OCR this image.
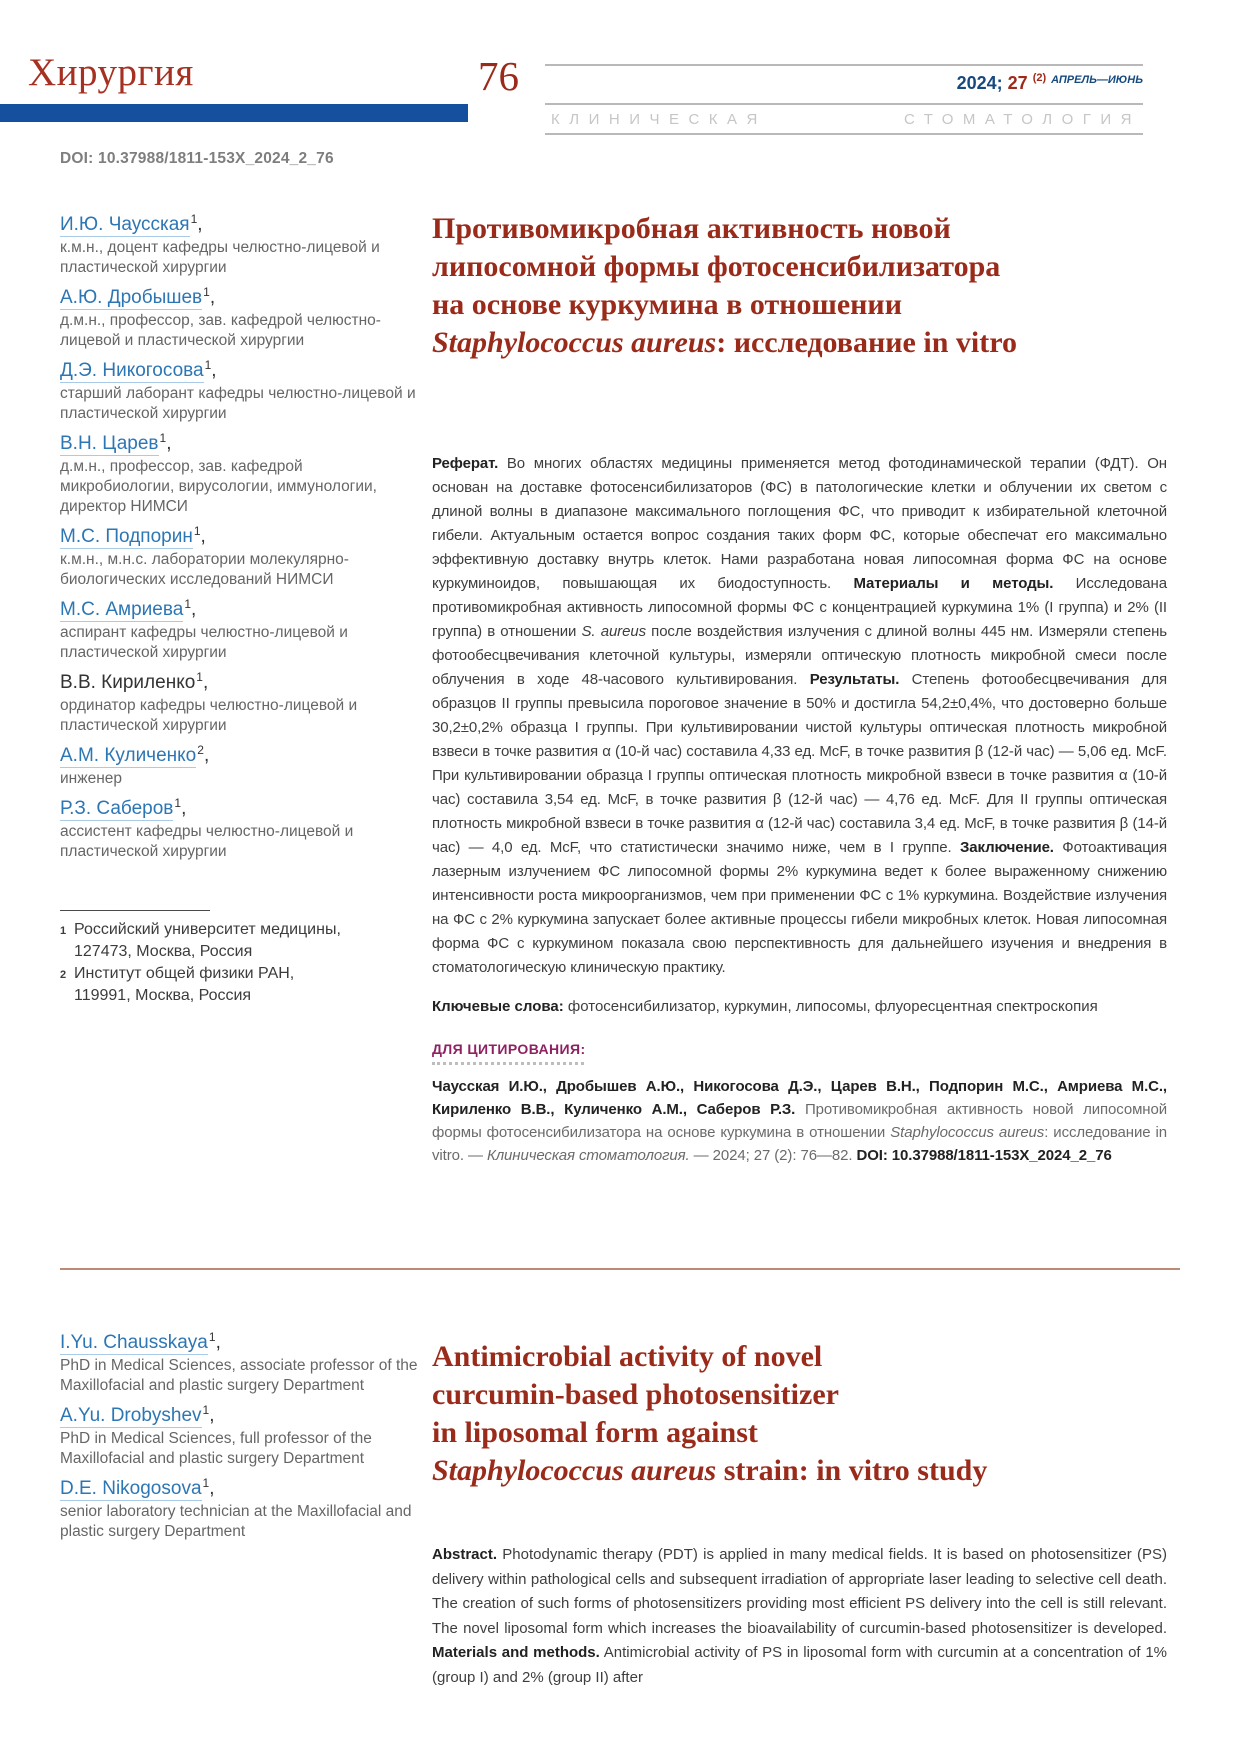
Хирургия	76	2024; 27 $^{(2)}$ $^{АПРЕЛЬ—ИЮНЬ}$
КЛИНИЧЕСКАЯ	СТОМАТОЛОГИЯ
DOI: 10.37988/1811-153X_2024_2_76
И.Ю. Чаусская$^1$,
к.м.н., доцент кафедры челюстно-лицевой и пластической хирургии
А.Ю. Дробышев$^1$,
д.м.н., профессор, зав. кафедрой челюстно-лицевой и пластической хирургии
Д.Э. Никогосова$^1$,
старший лаборант кафедры челюстно-лицевой и пластической хирургии
В.Н. Царев$^1$,
д.м.н., профессор, зав. кафедрой микробиологии, вирусологии, иммунологии, директор НИМСИ
М.С. Подпорин$^1$,
к.м.н., м.н.с. лаборатории молекулярно-биологических исследований НИМСИ
М.С. Амриева$^1$,
аспирант кафедры челюстно-лицевой и пластической хирургии
В.В. Кириленко$^1$,
ординатор кафедры челюстно-лицевой и пластической хирургии
А.М. Куличенко$^2$,
инженер
Р.З. Саберов$^1$,
ассистент кафедры челюстно-лицевой и пластической хирургии
1 Российский университет медицины,
127473, Москва, Россия
2 Институт общей физики РАН,
119991, Москва, Россия
Противомикробная активность новой
липосомной формы фотосенсибилизатора
на основе куркумина в отношении
Staphylococcus aureus: исследование in vitro

Реферат. Во многих областях медицины применяется метод фотодинамической терапии (ФДТ). Он основан на доставке фотосенсибилизаторов (ФС) в патологические клетки и облучении их светом с длиной волны в диапазоне максимального поглощения ФС, что приводит к избирательной клеточной гибели. Актуальным остается вопрос создания таких форм ФС, которые обеспечат его максимально эффективную доставку внутрь клеток. Нами разработана новая липосомная форма ФС на основе куркуминоидов, повышающая их биодоступность. Материалы и методы. Исследована противомикробная активность липосомной формы ФС с концентрацией куркумина 1% (I группа) и 2% (II группа) в отношении S. aureus после воздействия излучения с длиной волны 445 нм. Измеряли степень фотообесцвечивания клеточной культуры, измеряли оптическую плотность микробной смеси после облучения в ходе 48-часового культивирования. Результаты. Степень фотообесцвечивания для образцов II группы превысила пороговое значение в 50% и достигла 54,2±0,4%, что достоверно больше 30,2±0,2% образца I группы. При культивировании чистой культуры оптическая плотность микробной взвеси в точке развития α (10-й час) составила 4,33 ед. McF, в точке развития β (12-й час) — 5,06 ед. McF. При культивировании образца I группы оптическая плотность микробной взвеси в точке развития α (10-й час) составила 3,54 ед. McF, в точке развития β (12-й час) — 4,76 ед. McF. Для II группы оптическая плотность микробной взвеси в точке развития α (12-й час) составила 3,4 ед. McF, в точке развития β (14-й час) — 4,0 ед. McF, что статистически значимо ниже, чем в I группе. Заключение. Фотоактивация лазерным излучением ФС липосомной формы 2% куркумина ведет к более выраженному снижению интенсивности роста микроорганизмов, чем при применении ФС с 1% куркумина. Воздействие излучения на ФС с 2% куркумина запускает более активные процессы гибели микробных клеток. Новая липосомная форма ФС с куркумином показала свою перспективность для дальнейшего изучения и внедрения в стоматологическую клиническую практику.

Ключевые слова: фотосенсибилизатор, куркумин, липосомы, флуоресцентная спектроскопия

ДЛЯ ЦИТИРОВАНИЯ:

Чаусская И.Ю., Дробышев А.Ю., Никогосова Д.Э., Царев В.Н., Подпорин М.С., Амриева М.С., Кириленко В.В., Куличенко А.М., Саберов Р.З. Противомикробная активность новой липосомной формы фотосенсибилизатора на основе куркумина в отношении Staphylococcus aureus: исследование in vitro. — Клиническая стоматология. — 2024; 27 (2): 76—82. DOI: 10.37988/1811-153X_2024_2_76

I.Yu. Chausskaya$^1$,
PhD in Medical Sciences, associate professor of the Maxillofacial and plastic surgery Department
A.Yu. Drobyshev$^1$,
PhD in Medical Sciences, full professor of the Maxillofacial and plastic surgery Department
D.E. Nikogosova$^1$,
senior laboratory technician at the Maxillofacial and plastic surgery Department
Antimicrobial activity of novel
curcumin-based photosensitizer
in liposomal form against
Staphylococcus aureus strain: in vitro study

Abstract. Photodynamic therapy (PDT) is applied in many medical fields. It is based on photosensitizer (PS) delivery within pathological cells and subsequent irradiation of appropriate laser leading to selective cell death. The creation of such forms of photosensitizers providing most efficient PS delivery into the cell is still relevant. The novel liposomal form which increases the bioavailability of curcumin-based photosensitizer is developed. Materials and methods. Antimicrobial activity of PS in liposomal form with curcumin at a concentration of 1% (group I) and 2% (group II) after
